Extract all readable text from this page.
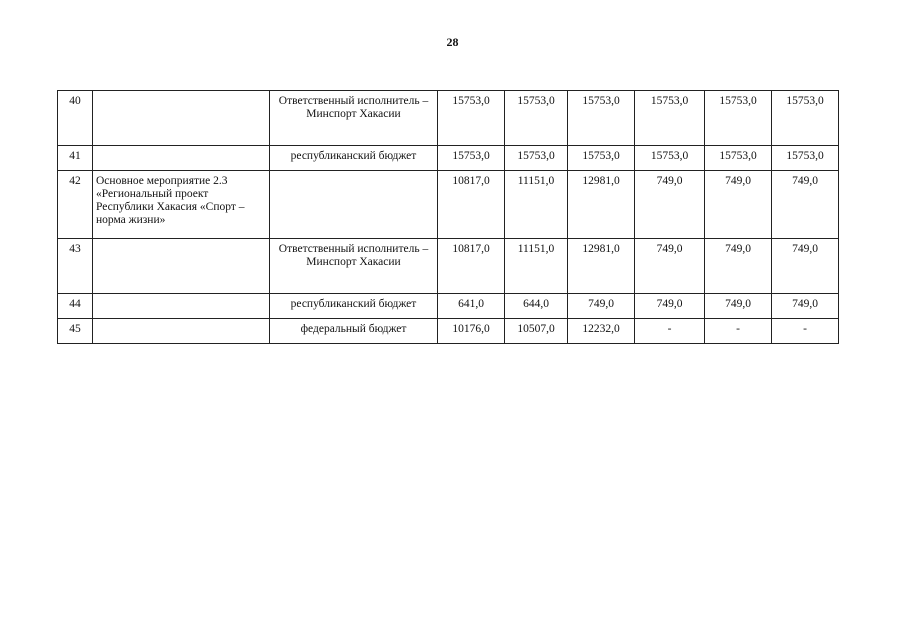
28
40		Ответственный исполнитель – Минспорт Хакасии	15753,0	15753,0	15753,0	15753,0	15753,0	15753,0
41		республиканский бюджет	15753,0	15753,0	15753,0	15753,0	15753,0	15753,0
42	Основное мероприятие 2.3 «Региональный проект Республики Хакасия «Спорт – норма жизни»		10817,0	11151,0	12981,0	749,0	749,0	749,0
43		Ответственный исполнитель – Минспорт Хакасии	10817,0	11151,0	12981,0	749,0	749,0	749,0
44		республиканский бюджет	641,0	644,0	749,0	749,0	749,0	749,0
45		федеральный бюджет	10176,0	10507,0	12232,0	-	-	-
